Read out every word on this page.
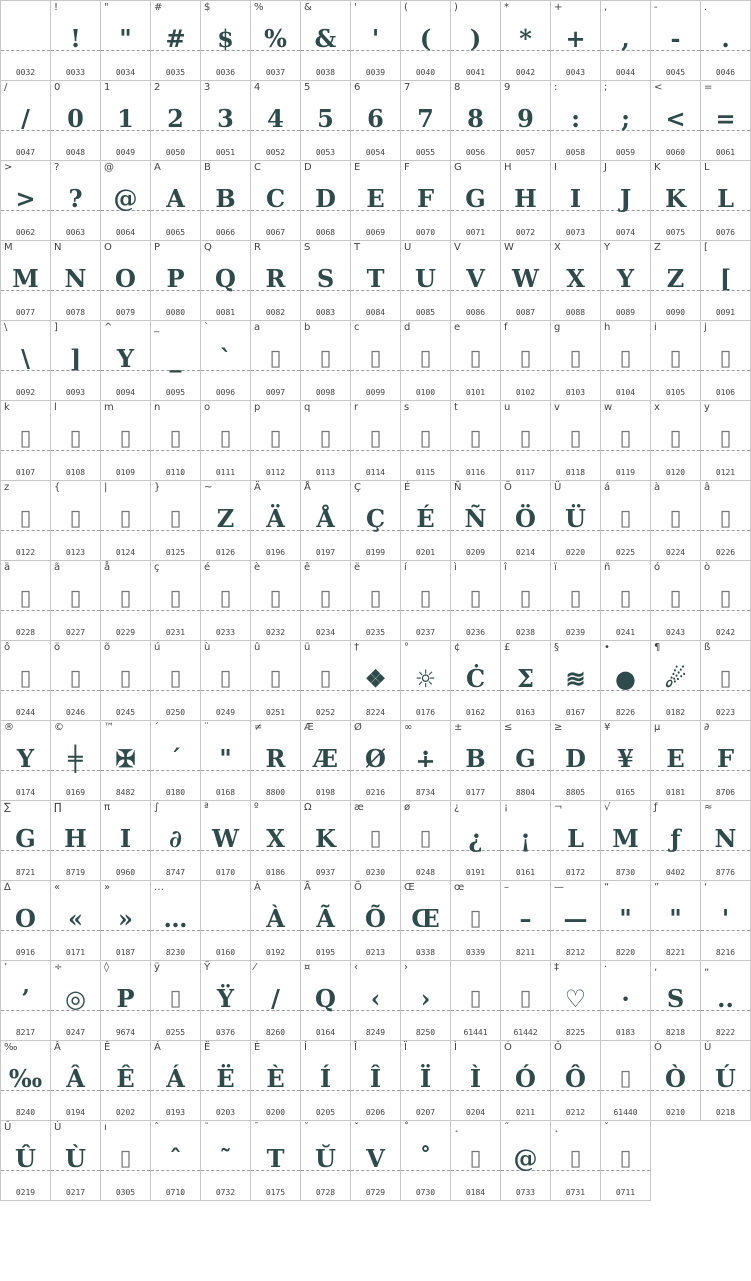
0032
!
!
0033
"
"
0034
#
#
0035
$
$
0036
%
%
0037
&
&
0038
'
'
0039
(
(
0040
)
)
0041
*
*
0042
+
+
0043
,
,
0044
-
-
0045
.
.
0046
/
/
0047
0
0
0048
1
1
0049
2
2
0050
3
3
0051
4
4
0052
5
5
0053
6
6
0054
7
7
0055
8
8
0056
9
9
0057
:
:
0058
;
;
0059
<
<
0060
=
=
0061
>
>
0062
?
?
0063
@
@
0064
A
A
0065
B
B
0066
C
C
0067
D
D
0068
E
E
0069
F
F
0070
G
G
0071
H
H
0072
I
I
0073
J
J
0074
K
K
0075
L
L
0076
M
M
0077
N
N
0078
O
O
0079
P
P
0080
Q
Q
0081
R
R
0082
S
S
0083
T
T
0084
U
U
0085
V
V
0086
W
W
0087
X
X
0088
Y
Y
0089
Z
Z
0090
[
[
0091
\
\
0092
]
]
0093
^
Y
0094
_
_
0095
`
`
0096
a
▯
0097
b
▯
0098
c
▯
0099
d
▯
0100
e
▯
0101
f
▯
0102
g
▯
0103
h
▯
0104
i
▯
0105
j
▯
0106
k
▯
0107
l
▯
0108
m
▯
0109
n
▯
0110
o
▯
0111
p
▯
0112
q
▯
0113
r
▯
0114
s
▯
0115
t
▯
0116
u
▯
0117
v
▯
0118
w
▯
0119
x
▯
0120
y
▯
0121
z
▯
0122
{
▯
0123
|
▯
0124
}
▯
0125
~
Z
0126
Ä
Ä
0196
Å
Å
0197
Ç
Ç
0199
É
É
0201
Ñ
Ñ
0209
Ö
Ö
0214
Ü
Ü
0220
á
▯
0225
à
▯
0224
â
▯
0226
ä
▯
0228
ã
▯
0227
å
▯
0229
ç
▯
0231
é
▯
0233
è
▯
0232
ê
▯
0234
ë
▯
0235
í
▯
0237
ì
▯
0236
î
▯
0238
ï
▯
0239
ñ
▯
0241
ó
▯
0243
ò
▯
0242
ô
▯
0244
ö
▯
0246
õ
▯
0245
ú
▯
0250
ù
▯
0249
û
▯
0251
ü
▯
0252
†
❖
8224
°
☼
0176
¢
Ċ
0162
£
Σ
0163
§
≋
0167
•
●
8226
¶
☄
0182
ß
▯
0223
®
Y
0174
©
╪
0169
™
✠
8482
´
´
0180
¨
"
0168
≠
R
8800
Æ
Æ
0198
Ø
Ø
0216
∞
∔
8734
±
B
0177
≤
G
8804
≥
D
8805
¥
¥
0165
µ
E
0181
∂
F
8706
∑
G
8721
∏
H
8719
π
I
0960
∫
∂
8747
ª
W
0170
º
X
0186
Ω
K
0937
æ
▯
0230
ø
▯
0248
¿
¿
0191
¡
¡
0161
¬
L
0172
√
M
8730
ƒ
ƒ
0402
≈
N
8776
∆
O
0916
«
«
0171
»
»
0187
…
…
8230	0160
À
À
0192
Ã
Ã
0195
Õ
Õ
0213
Œ
Œ
0338
œ
▯
0339
–
–
8211
—
—
8212
“
"
8220
”
"
8221
‘
'
8216
’
’
8217
÷
◎
0247
◊
P
9674
ÿ
▯
0255
Ÿ
Ÿ
0376
⁄
/
8260
¤
Q
0164
‹
‹
8249
›
›
8250
▯
61441
▯
61442
‡
♡
8225
·
·
0183
‚
S
8218
„
..
8222
‰
‰
8240
Â
Â
0194
Ê
Ê
0202
Á
Á
0193
Ë
Ë
0203
È
È
0200
Í
Í
0205
Î
Î
0206
Ï
Ï
0207
Ì
Ì
0204
Ó
Ó
0211
Ô
Ô
0212
▯
61440
Ò
Ò
0210
Ú
Ú
0218
Û
Û
0219
Ù
Ù
0217
ı
▯
0305
ˆ
ˆ
0710
˜
˜
0732
¯
T
0175
˘
Ŭ
0728
ˇ
V
0729
˚
˚
0730
¸
▯
0184
˝
@
0733
˛
▯
0731
ˇ
▯
0711
